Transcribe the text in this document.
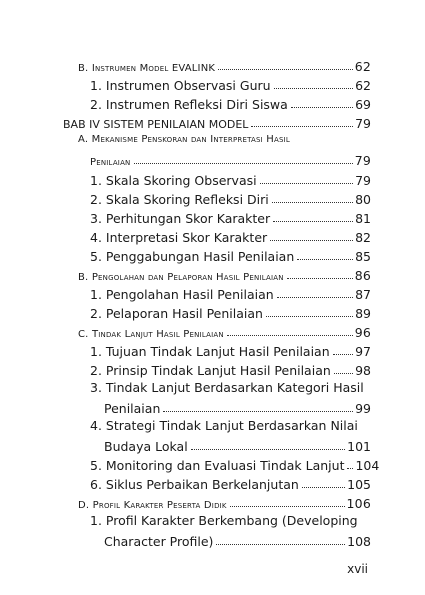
B. Instrumen Model EVALINK	62
1. Instrumen Observasi Guru	62
2. Instrumen Refleksi Diri Siswa	69
BAB IV SISTEM PENILAIAN MODEL	79
A. Mekanisme Penskoran dan Interpretasi Hasil
Penilaian	79
1. Skala Skoring Observasi	79
2. Skala Skoring Refleksi Diri	80
3. Perhitungan Skor Karakter	81
4. Interpretasi Skor Karakter	82
5. Penggabungan Hasil Penilaian	85
B. Pengolahan dan Pelaporan Hasil Penilaian	86
1. Pengolahan Hasil Penilaian	87
2. Pelaporan Hasil Penilaian	89
C. Tindak Lanjut Hasil Penilaian	96
1. Tujuan Tindak Lanjut Hasil Penilaian 97
2. Prinsip Tindak Lanjut Hasil Penilaian 98
3. Tindak Lanjut Berdasarkan Kategori Hasil
Penilaian	99
4. Strategi Tindak Lanjut Berdasarkan Nilai
Budaya Lokal	101
5. Monitoring dan Evaluasi Tindak Lanjut 104
6. Siklus Perbaikan Berkelanjutan	105
D. Profil Karakter Peserta Didik	106
1. Profil Karakter Berkembang (Developing
Character Profile)	108
xvii
